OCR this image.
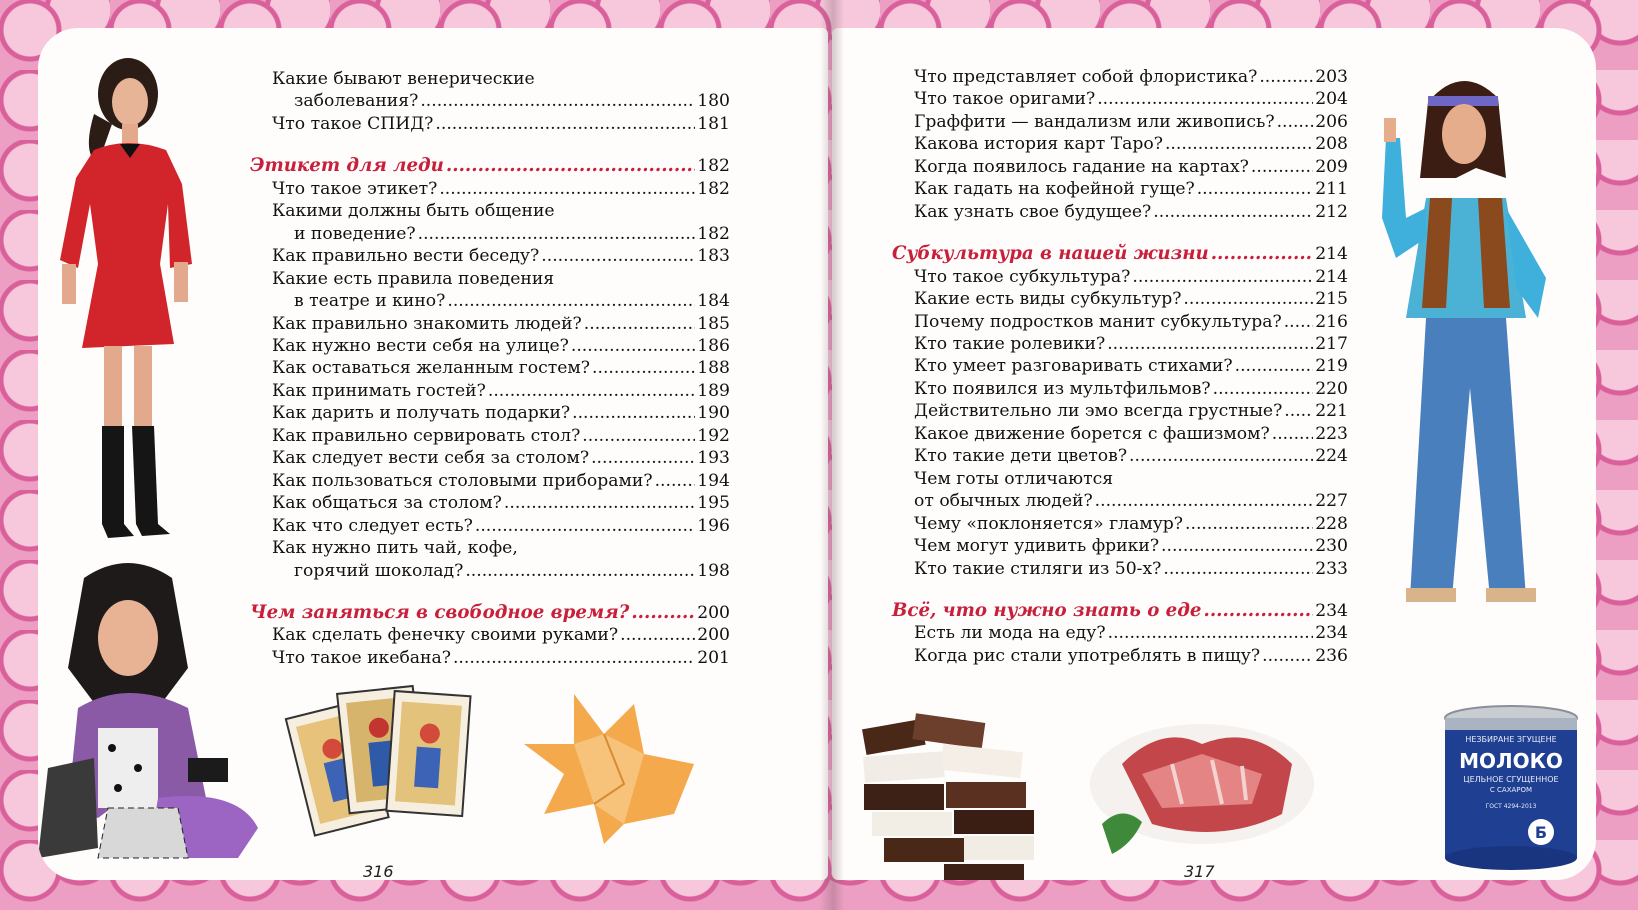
Какие бывают венерические
заболевания? .....	180
Что такое СПИД? .....	181
Этикет для леди .....	182
Что такое этикет? .....	182
Какими должны быть общение
и поведение? .....	182
Как правильно вести беседу? .....	183
Какие есть правила поведения
в театре и кино? .....	184
Как правильно знакомить людей? .....	185
Как нужно вести себя на улице? .....	186
Как оставаться желанным гостем? .....	188
Как принимать гостей? .....	189
Как дарить и получать подарки? .....	190
Как правильно сервировать стол? .....	192
Как следует вести себя за столом? .....	193
Как пользоваться столовыми приборами? .....	194
Как общаться за столом? .....	195
Как что следует есть? .....	196
Как нужно пить чай, кофе,
горячий шоколад? .....	198
Чем заняться в свободное время? .....	200
Как сделать фенечку своими руками? .....	200
Что такое икебана? .....	201
316
Что представляет собой флористика? .....	203
Что такое оригами? .....	204
Граффити — вандализм или живопись? ..... 206
Какова история карт Таро? .....	208
Когда появилось гадание на картах? .....	209
Как гадать на кофейной гуще? .....	211
Как узнать свое будущее? .....	212
Субкультура в нашей жизни .....	214
Что такое субкультура? .....	214
Какие есть виды субкультур? .....	215
Почему подростков манит субкультура? ..... 216
Кто такие ролевики? .....	217
Кто умеет разговаривать стихами? .....	219
Кто появился из мультфильмов? .....	220
Действительно ли эмо всегда грустные? ..... 221
Какое движение борется с фашизмом? .....	223
Кто такие дети цветов? .....	224
Чем готы отличаются
от обычных людей? .....	227
Чему «поклоняется» гламур? .....	228
Чем могут удивить фрики? .....	230
Кто такие стиляги из 50-х? .....	233
Всё, что нужно знать о еде .....	234
Есть ли мода на еду? .....	234
Когда рис стали употреблять в пищу? .....	236
НЕЗБИРАНЕ ЗГУЩЕНЕ
МОЛОКО
ЦЕЛЬНОЕ СГУЩЕННОЕ
С САХАРОМ
ГОСТ 4294-2013
Б
317
